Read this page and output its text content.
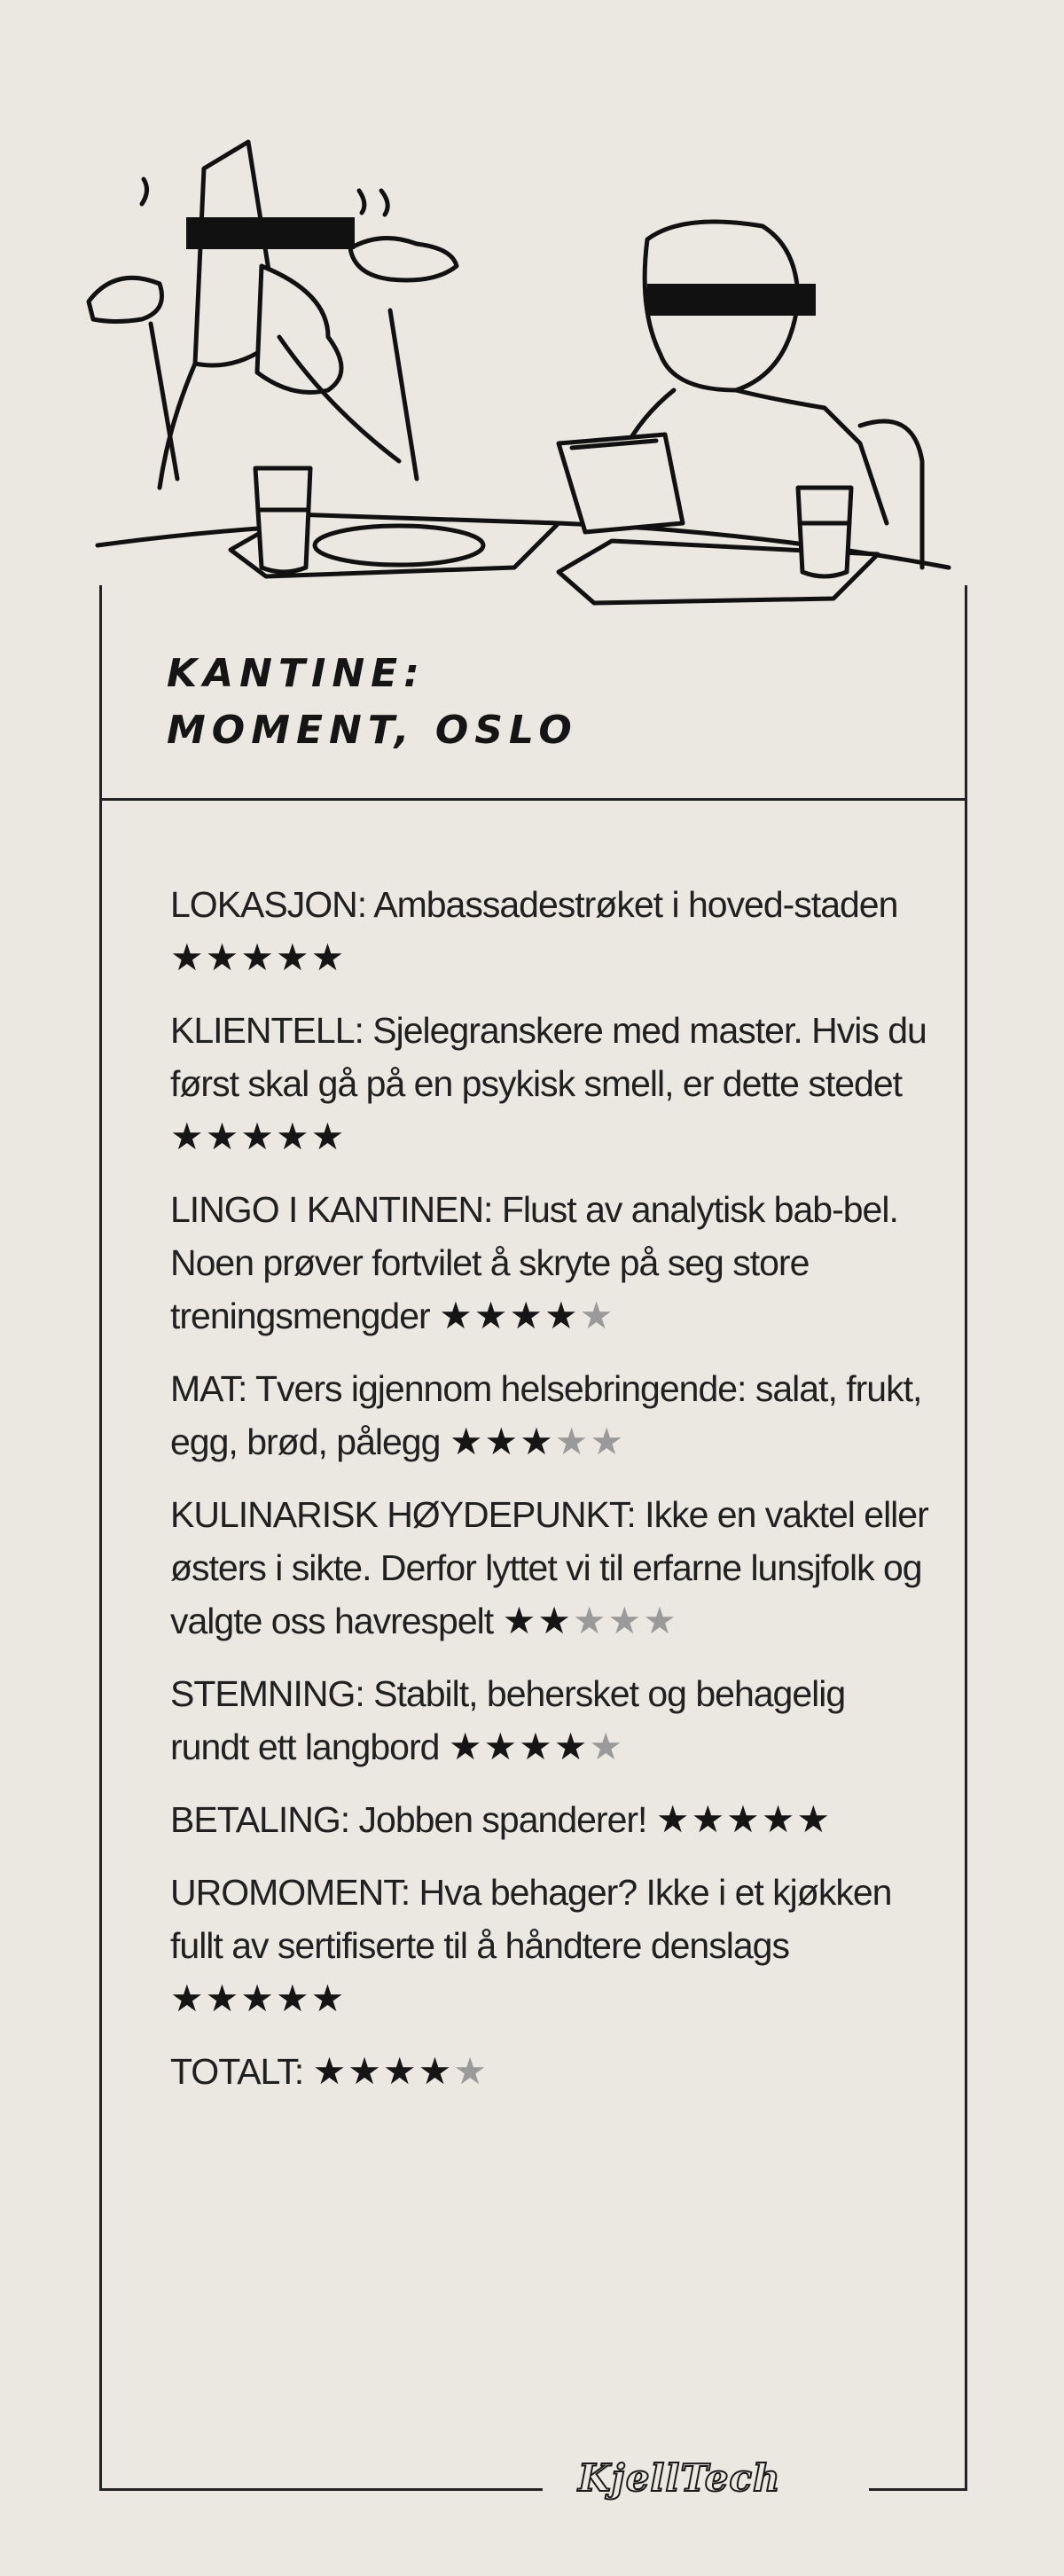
KANTINE:
MOMENT, OSLO
LOKASJON: Ambassadestrøket i hoved-staden ★★★★★
KLIENTELL: Sjelegranskere med master. Hvis du først skal gå på en psykisk smell, er dette stedet ★★★★★
LINGO I KANTINEN: Flust av analytisk bab-bel. Noen prøver fortvilet å skryte på seg store treningsmengder ★★★★★
MAT: Tvers igjennom helsebringende: salat, frukt, egg, brød, pålegg ★★★★★
KULINARISK HØYDEPUNKT: Ikke en vaktel eller østers i sikte. Derfor lyttet vi til erfarne lunsjfolk og valgte oss havrespelt ★★★★★
STEMNING: Stabilt, behersket og behagelig rundt ett langbord ★★★★★
BETALING: Jobben spanderer! ★★★★★
UROMOMENT: Hva behager? Ikke i et kjøkken fullt av sertifiserte til å håndtere denslags ★★★★★
TOTALT: ★★★★★
KjellTech
